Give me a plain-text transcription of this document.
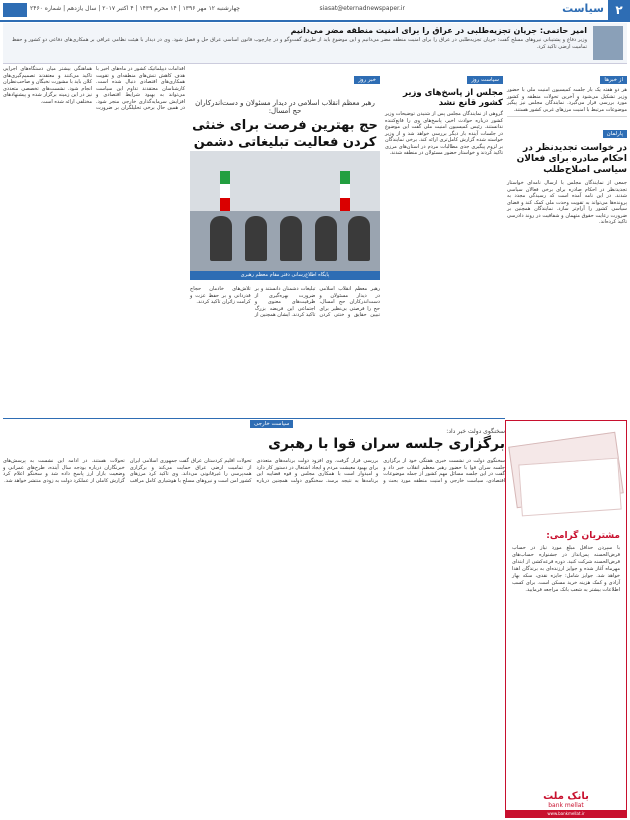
۲
سیاست
siasat@eternadnewspaper.ir
چهارشنبه ۱۲ مهر ۱۳۹۶ | ۱۴ محرم ۱۴۳۹ | ۴ اکتبر ۲۰۱۷ | سال یازدهم | شماره ۲۴۶۰
امیر حاتمی: جریان تجزیه‌طلبی در عراق را برای امنیت منطقه مضر می‌دانیم
وزیر دفاع و پشتیبانی نیروهای مسلح گفت: جریان تجزیه‌طلبی در عراق را برای امنیت منطقه مضر می‌دانیم و این موضوع باید از طریق گفت‌وگو و در چارچوب قانون اساسی عراق حل و فصل شود. وی در دیدار با هیئت نظامی عراقی بر همکاری‌های دفاعی دو کشور و حفظ تمامیت ارضی تاکید کرد.
از خبرها

هر دو هفته یک بار جلسه کمیسیون امنیت ملی با حضور وزیر تشکیل می‌شود و آخرین تحولات منطقه و کشور مورد بررسی قرار می‌گیرد. نمایندگان مجلس نیز پیگیر موضوعات مرتبط با امنیت مرزهای غربی کشور هستند.

پارلمان
در خواست تجدیدنظر در احکام صادره برای فعالان سیاسی اصلاح‌طلب

جمعی از نمایندگان مجلس با ارسال نامه‌ای خواستار تجدیدنظر در احکام صادره برای برخی فعالان سیاسی شدند. در این نامه آمده است که رسیدگی مجدد به پرونده‌ها می‌تواند به تقویت وحدت ملی کمک کند و فضای سیاسی کشور را آرام‌تر سازد. نمایندگان همچنین بر ضرورت رعایت حقوق متهمان و شفافیت در روند دادرسی تاکید کرده‌اند.

سیاست روز
مجلس از پاسخ‌های وزیر کشور قانع نشد

گروهی از نمایندگان مجلس پس از شنیدن توضیحات وزیر کشور درباره حوادث اخیر، پاسخ‌های وی را قانع‌کننده ندانستند. رئیس کمیسیون امنیت ملی گفت این موضوع در جلسات آینده بار دیگر بررسی خواهد شد و از وزیر خواسته شده گزارش کامل‌تری ارائه کند. برخی نمایندگان بر لزوم پیگیری جدی مطالبات مردم در استان‌های مرزی تاکید کردند و خواستار حضور مسئولان در منطقه شدند.

خبر روز
رهبر معظم انقلاب اسلامی در دیدار مسئولان و دست‌اندرکاران حج امسال:
حج بهترین فرصت برای خنثی کردن فعالیت تبلیغاتی دشمن
پایگاه اطلاع‌رسانی دفتر مقام معظم رهبری
رهبر معظم انقلاب اسلامی در دیدار مسئولان و دست‌اندرکاران حج امسال، حج را فرصتی بی‌نظیر برای تبیین حقایق و خنثی کردن تبلیغات دشمنان دانستند و بر ضرورت بهره‌گیری از ظرفیت‌های معنوی و اجتماعی این فریضه بزرگ تاکید کردند. ایشان همچنین از تلاش‌های خادمان حجاج قدردانی و بر حفظ عزت و کرامت زائران تاکید کردند.
اقدامات دیپلماتیک کشور در ماه‌های اخیر با هدف کاهش تنش‌های منطقه‌ای و تقویت همکاری‌های اقتصادی دنبال شده است. کارشناسان معتقدند تداوم این سیاست می‌تواند به بهبود شرایط اقتصادی و افزایش سرمایه‌گذاری خارجی منجر شود. در همین حال برخی تحلیلگران بر ضرورت هماهنگی بیشتر میان دستگاه‌های اجرایی تاکید می‌کنند و معتقدند تصمیم‌گیری‌های کلان باید با مشورت نخبگان و صاحب‌نظران انجام شود. نشست‌های تخصصی متعددی نیز در این زمینه برگزار شده و پیشنهادهای مختلفی ارائه شده است.
سیاست خارجی
سخنگوی دولت خبر داد:
برگزاری جلسه سران قوا با رهبری
سخنگوی دولت در نشست خبری هفتگی خود از برگزاری جلسه سران قوا با حضور رهبر معظم انقلاب خبر داد و گفت در این جلسه مسائل مهم کشور از جمله موضوعات اقتصادی، سیاست خارجی و امنیت منطقه مورد بحث و بررسی قرار گرفت. وی افزود دولت برنامه‌های متعددی برای بهبود معیشت مردم و ایجاد اشتغال در دستور کار دارد و امیدوار است با همکاری مجلس و قوه قضاییه این برنامه‌ها به نتیجه برسد. سخنگوی دولت همچنین درباره تحولات اقلیم کردستان عراق گفت جمهوری اسلامی ایران از تمامیت ارضی عراق حمایت می‌کند و برگزاری همه‌پرسی را غیرقانونی می‌داند. وی تاکید کرد مرزهای کشور امن است و نیروهای مسلح با هوشیاری کامل مراقب تحولات هستند. در ادامه این نشست به پرسش‌های خبرنگاران درباره بودجه سال آینده، طرح‌های عمرانی و وضعیت بازار ارز پاسخ داده شد و سخنگو اعلام کرد گزارش کاملی از عملکرد دولت به زودی منتشر خواهد شد.
مشتریان گرامی:
با سپردن حداقل مبلغ مورد نیاز در حساب قرض‌الحسنه پس‌انداز در جشنواره حساب‌های قرض‌الحسنه شرکت کنید. دوره قرعه‌کشی از ابتدای مهرماه آغاز شده و جوایز ارزنده‌ای به برندگان اهدا خواهد شد. جوایز شامل: جایزه نقدی، سکه بهار آزادی و کمک هزینه خرید مسکن است. برای کسب اطلاعات بیشتر به شعب بانک مراجعه فرمایید.
بانک ملت
bank mellat
www.bankmellat.ir
